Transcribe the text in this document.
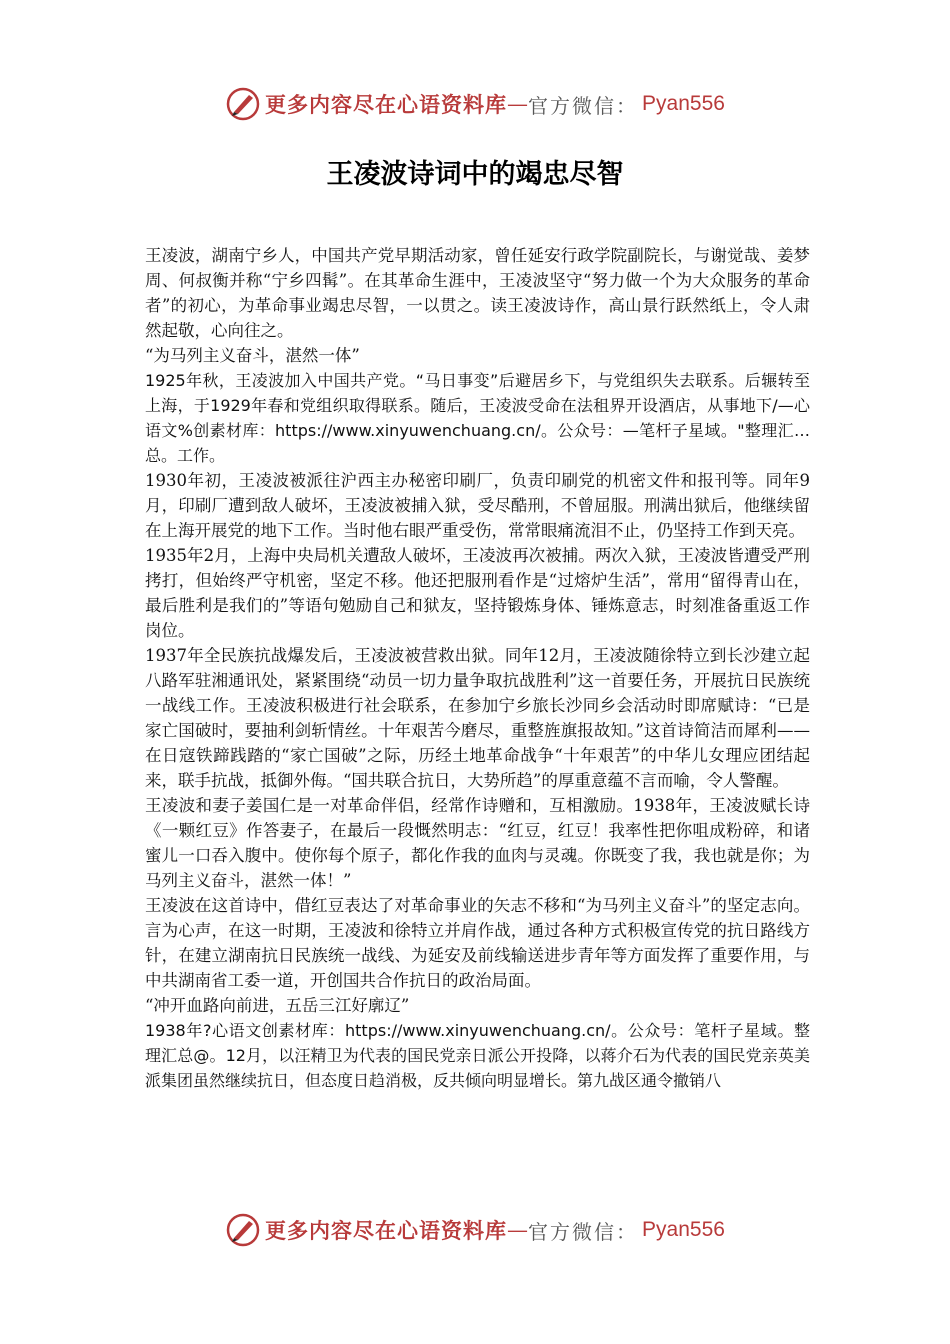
更多内容尽在心语资料库 — 官方微信： Pyan556
王凌波诗词中的竭忠尽智

王凌波，湖南宁乡人，中国共产党早期活动家，曾任延安行政学院副院长，与谢觉哉、姜梦周、何叔衡并称“宁乡四髯”。在其革命生涯中，王凌波坚守“努力做一个为大众服务的革命者”的初心，为革命事业竭忠尽智，一以贯之。读王凌波诗作，高山景行跃然纸上，令人肃然起敬，心向往之。

“为马列主义奋斗，湛然一体”

1925年秋，王凌波加入中国共产党。“马日事变”后避居乡下，与党组织失去联系。后辗转至上海，于1929年春和党组织取得联系。随后，王凌波受命在法租界开设酒店，从事地下/—心语文%创素材库：https://www.xinyuwenchuang.cn/。公众号：—笔杆子星域。"整理汇…总。工作。

1930年初，王凌波被派往沪西主办秘密印刷厂，负责印刷党的机密文件和报刊等。同年9月，印刷厂遭到敌人破坏，王凌波被捕入狱，受尽酷刑，不曾屈服。刑满出狱后，他继续留在上海开展党的地下工作。当时他右眼严重受伤，常常眼痛流泪不止，仍坚持工作到天亮。

1935年2月，上海中央局机关遭敌人破坏，王凌波再次被捕。两次入狱，王凌波皆遭受严刑拷打，但始终严守机密，坚定不移。他还把服刑看作是“过熔炉生活”，常用“留得青山在，最后胜利是我们的”等语句勉励自己和狱友，坚持锻炼身体、锤炼意志，时刻准备重返工作岗位。

1937年全民族抗战爆发后，王凌波被营救出狱。同年12月，王凌波随徐特立到长沙建立起八路军驻湘通讯处，紧紧围绕“动员一切力量争取抗战胜利”这一首要任务，开展抗日民族统一战线工作。王凌波积极进行社会联系，在参加宁乡旅长沙同乡会活动时即席赋诗：“已是家亡国破时，要抽利剑斩情丝。十年艰苦今磨尽，重整旌旗报故知。”这首诗简洁而犀利——在日寇铁蹄践踏的“家亡国破”之际，历经土地革命战争“十年艰苦”的中华儿女理应团结起来，联手抗战，抵御外侮。“国共联合抗日，大势所趋”的厚重意蕴不言而喻，令人警醒。

王凌波和妻子姜国仁是一对革命伴侣，经常作诗赠和，互相激励。1938年，王凌波赋长诗《一颗红豆》作答妻子，在最后一段慨然明志：“红豆，红豆！我率性把你咀成粉碎，和诸蜜儿一口吞入腹中。使你每个原子，都化作我的血肉与灵魂。你既变了我，我也就是你；为马列主义奋斗，湛然一体！”

王凌波在这首诗中，借红豆表达了对革命事业的矢志不移和“为马列主义奋斗”的坚定志向。言为心声，在这一时期，王凌波和徐特立并肩作战，通过各种方式积极宣传党的抗日路线方针，在建立湖南抗日民族统一战线、为延安及前线输送进步青年等方面发挥了重要作用，与中共湖南省工委一道，开创国共合作抗日的政治局面。

“冲开血路向前进，五岳三江好廓辽”

1938年?心语文创素材库：https://www.xinyuwenchuang.cn/。公众号：笔杆子星域。整理汇总@。12月，以汪精卫为代表的国民党亲日派公开投降，以蒋介石为代表的国民党亲英美派集团虽然继续抗日，但态度日趋消极，反共倾向明显增长。第九战区通令撤销八

更多内容尽在心语资料库 — 官方微信： Pyan556
